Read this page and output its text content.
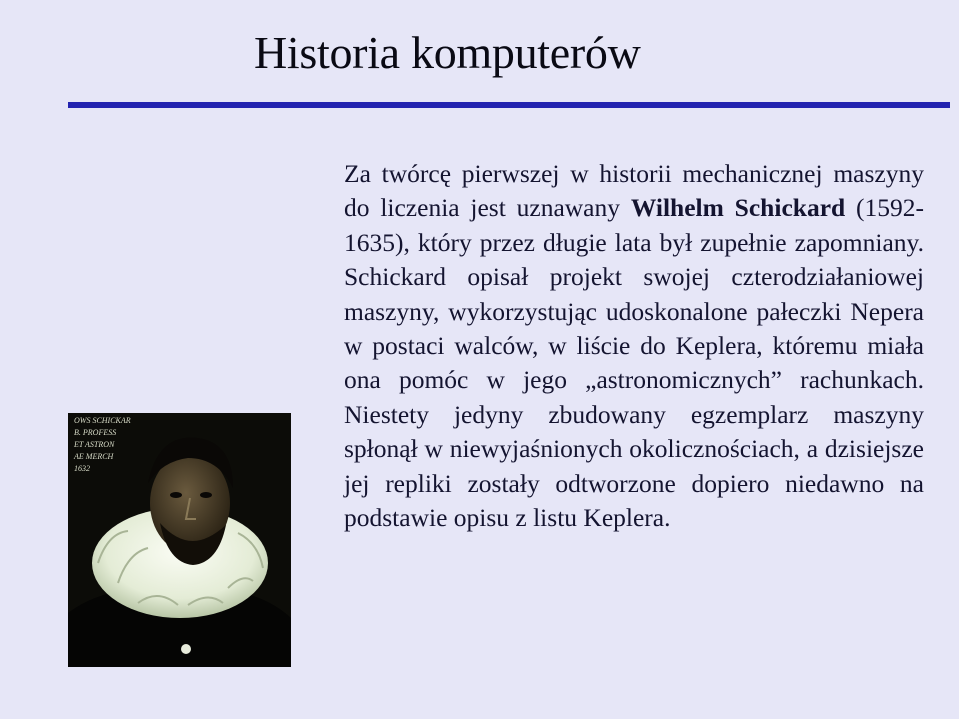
Historia komputerów
OWS SCHICKAR
B. PROFESS
ET ASTRON
AE MERCH
1632
Za twórcę pierwszej w historii mechanicznej maszyny do liczenia jest uznawany Wilhelm Schickard (1592-1635), który przez długie lata był zupełnie zapomniany. Schickard opisał projekt swojej czterodziałaniowej maszyny, wykorzystując udoskonalone pałeczki Nepera w postaci walców, w liście do Keplera, któremu miała ona pomóc w jego „astronomicznych” rachunkach. Niestety jedyny zbudowany egzemplarz maszyny spłonął w niewyjaśnionych okolicznościach, a dzisiejsze jej repliki zostały odtworzone dopiero niedawno na podstawie opisu z listu Keplera.
